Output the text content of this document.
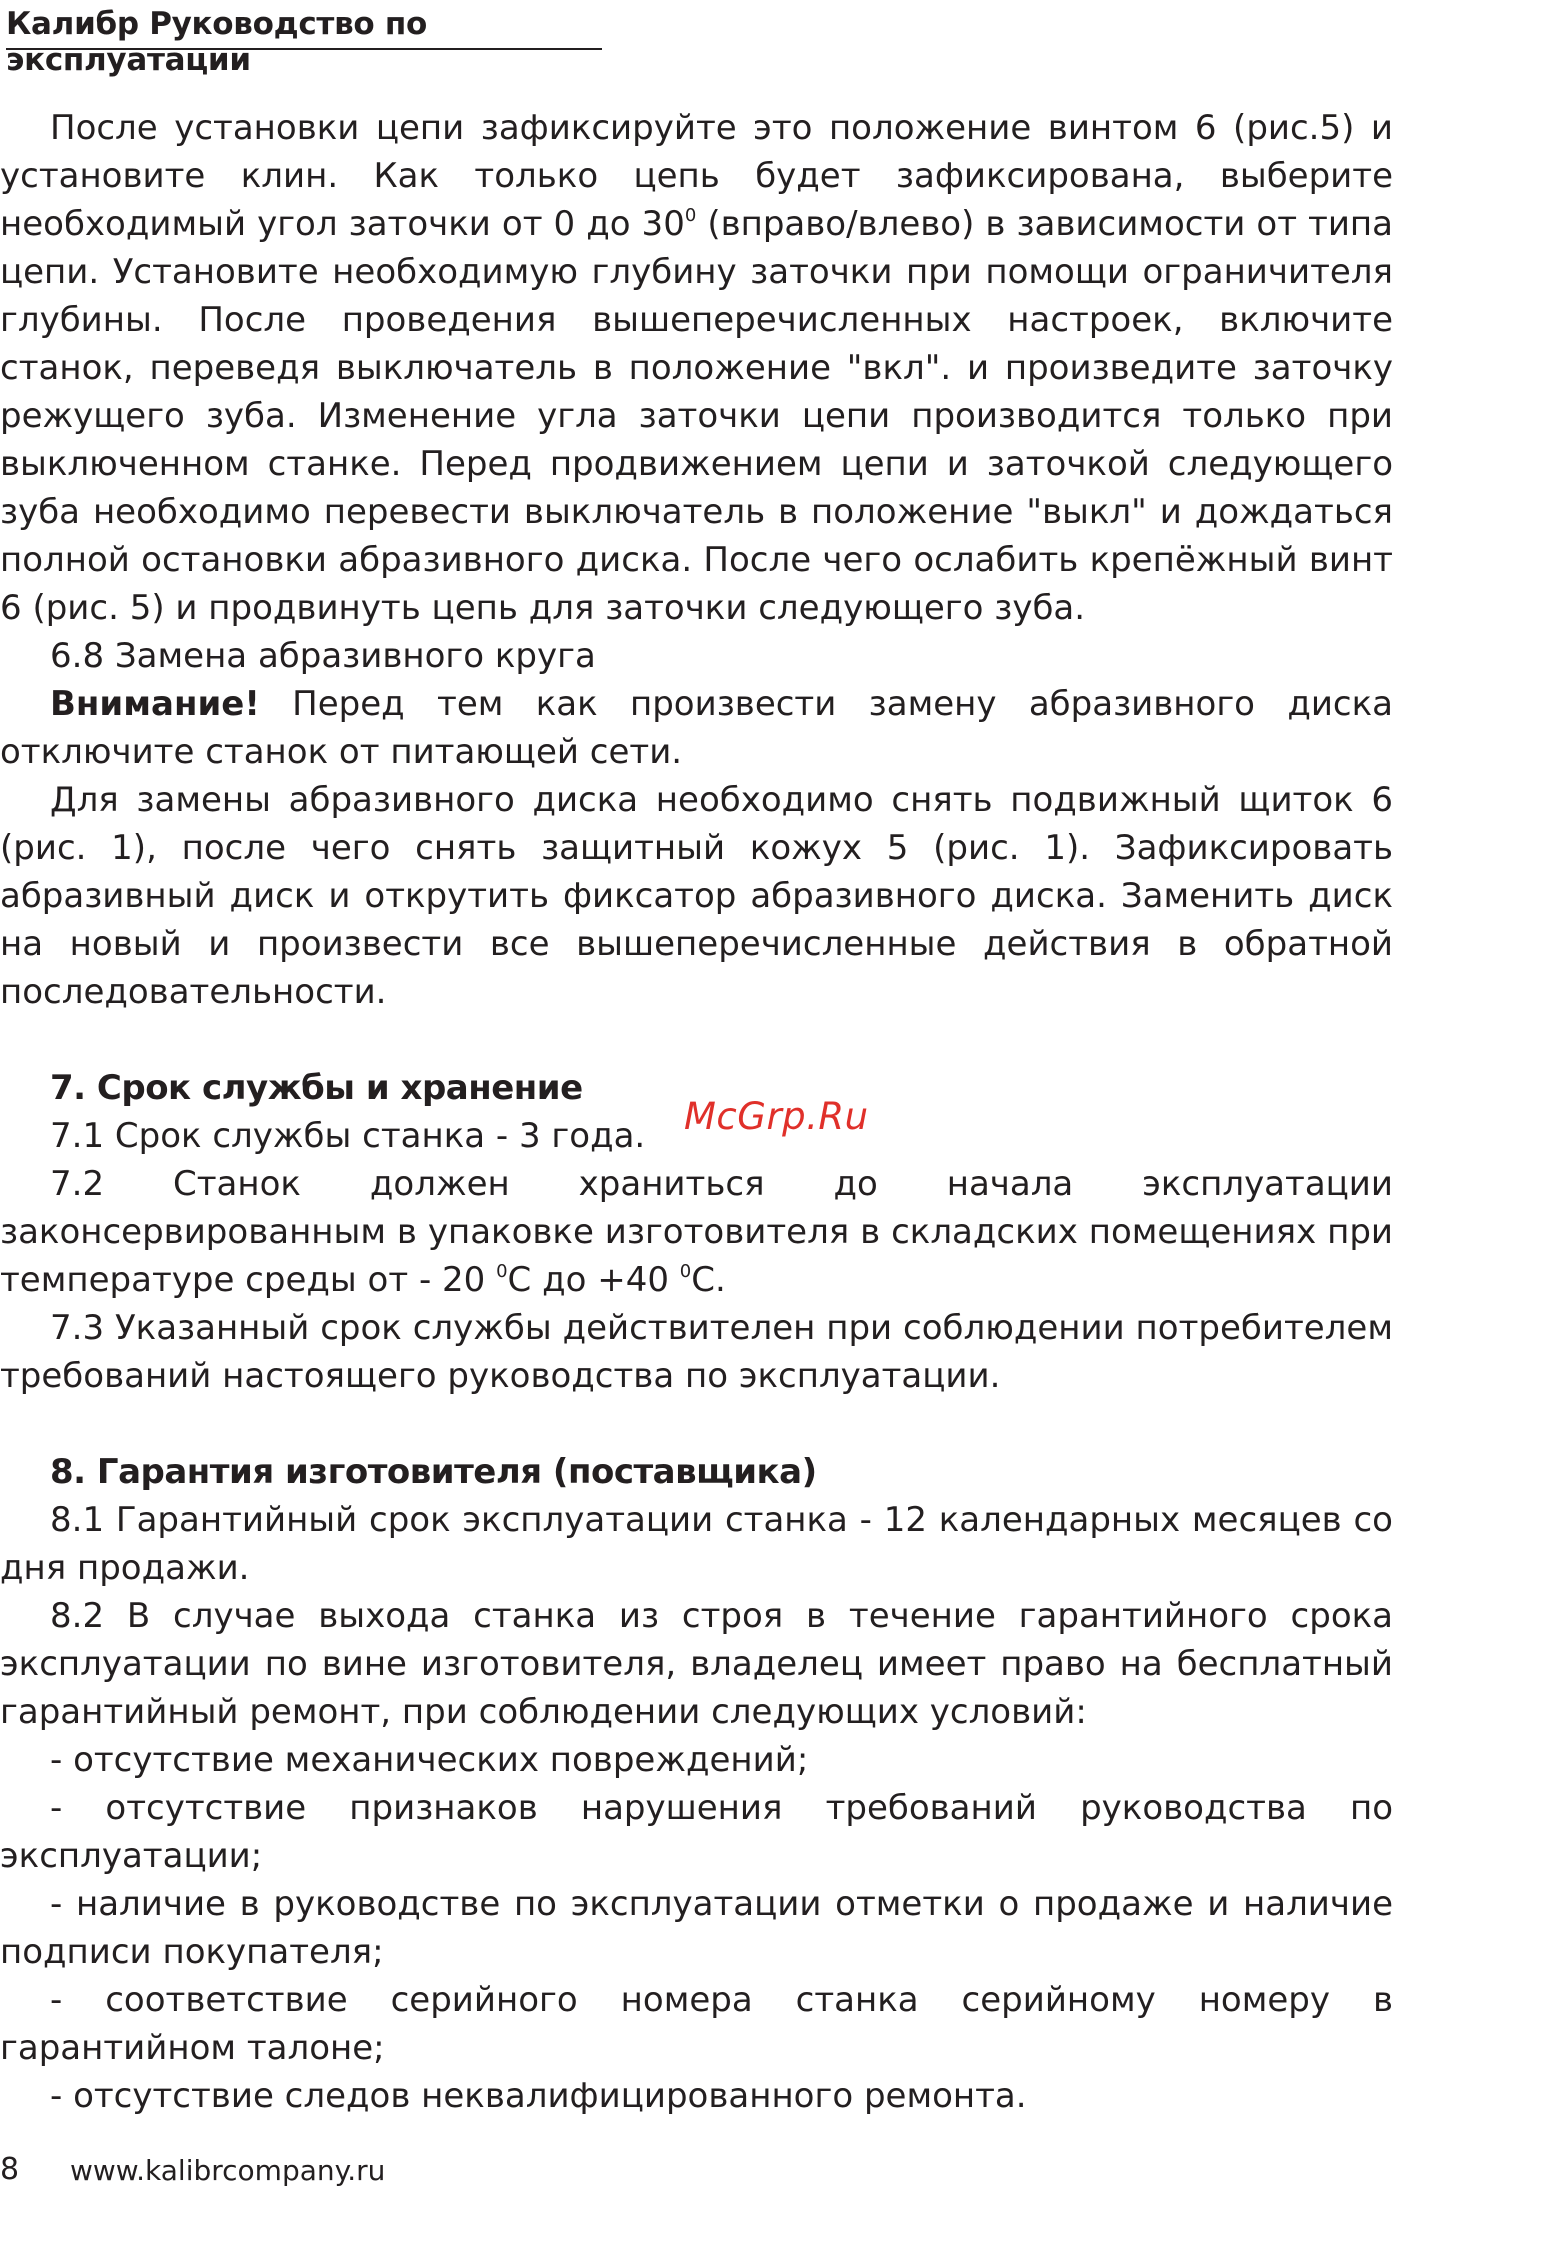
Калибр Руководство по эксплуатации

После установки цепи зафиксируйте это положение винтом 6 (рис.5) и установите клин. Как только цепь будет зафиксирована, выберите необходимый угол заточки от 0 до $30^0$ (вправо/влево) в зависимости от типа цепи. Установите необходимую глубину заточки при помощи ограничителя глубины. После проведения вышеперечисленных настроек, включите станок, переведя выключатель в положение "вкл". и произведите заточку режущего зуба. Изменение угла заточки цепи производится только при выключенном станке. Перед продвижением цепи и заточкой следующего зуба необходимо перевести выключатель в положение "выкл" и дождаться полной остановки абразивного диска. После чего ослабить крепёжный винт 6 (рис. 5) и продвинуть цепь для заточки следующего зуба.

6.8 Замена абразивного круга

Внимание! Перед тем как произвести замену абразивного диска отключите станок от питающей сети.

Для замены абразивного диска необходимо снять подвижный щиток 6 (рис. 1), после чего снять защитный кожух 5 (рис. 1). Зафиксировать абразивный диск и открутить фиксатор абразивного диска. Заменить диск на новый и произвести все вышеперечисленные действия в обратной последовательности.

7. Срок службы и хранение

7.1 Срок службы станка - 3 года.

7.2 Станок должен храниться до начала эксплуатации законсервированным в упаковке изготовителя в складских помещениях при температуре среды от - 20 $^0$С до +40 $^0$С.

7.3 Указанный срок службы действителен при соблюдении потребителем требований настоящего руководства по эксплуатации.

8. Гарантия изготовителя (поставщика)

8.1 Гарантийный срок эксплуатации станка - 12 календарных месяцев со дня продажи.

8.2 В случае выхода станка из строя в течение гарантийного срока эксплуатации по вине изготовителя, владелец имеет право на бесплатный гарантийный ремонт, при соблюдении следующих условий:

- отсутствие механических повреждений;

- отсутствие признаков нарушения требований руководства по эксплуатации;

- наличие в руководстве по эксплуатации отметки о продаже и наличие подписи покупателя;

- соответствие серийного номера станка серийному номеру в гарантийном талоне;

- отсутствие следов неквалифицированного ремонта.

McGrp.Ru
8 www.kalibrcompany.ru
